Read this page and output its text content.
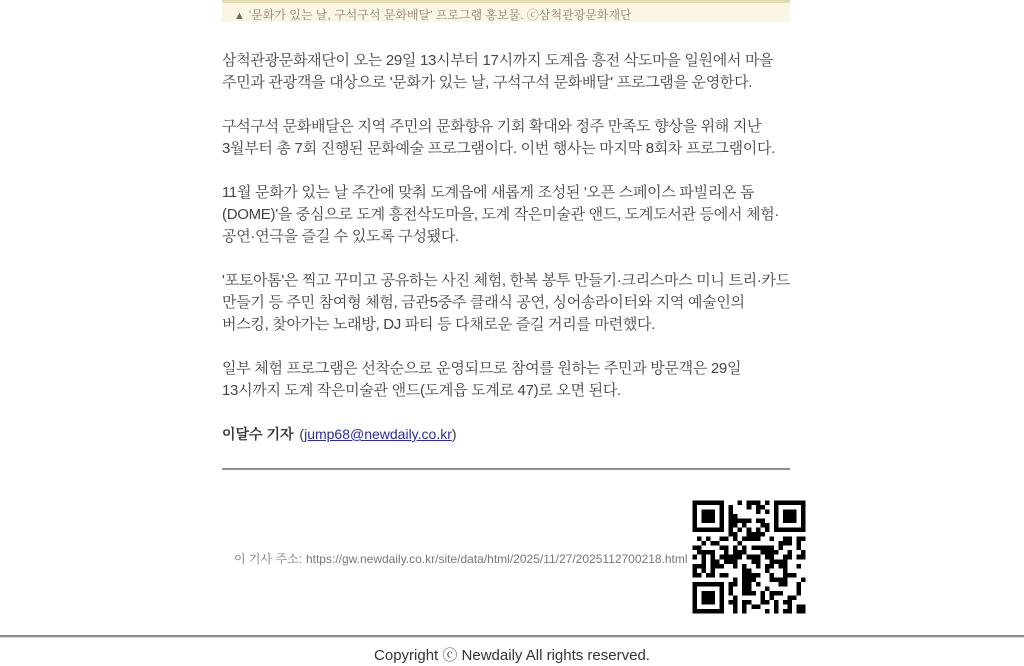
▲ '문화가 있는 날, 구석구석 문화배달' 프로그램 홍보물. ⓒ삼척관광문화재단

삼척관광문화재단이 오는 29일 13시부터 17시까지 도계읍 흥전 삭도마을 일원에서 마을 주민과 관광객을 대상으로 '문화가 있는 날, 구석구석 문화배달' 프로그램을 운영한다.

구석구석 문화배달은 지역 주민의 문화향유 기회 확대와 정주 만족도 향상을 위해 지난 3월부터 총 7회 진행된 문화예술 프로그램이다. 이번 행사는 마지막 8회차 프로그램이다.

11월 문화가 있는 날 주간에 맞춰 도계읍에 새롭게 조성된 '오픈 스페이스 파빌리온 돔(DOME)'을 중심으로 도계 흥전삭도마을, 도계 작은미술관 앤드, 도계도서관 등에서 체험·공연·연극을 즐길 수 있도록 구성됐다.

'포토아톰'은 찍고 꾸미고 공유하는 사진 체험, 한복 봉투 만들기·크리스마스 미니 트리·카드 만들기 등 주민 참여형 체험, 금관5중주 클래식 공연, 싱어송라이터와 지역 예술인의 버스킹, 찾아가는 노래방, DJ 파티 등 다채로운 즐길 거리를 마련했다.

일부 체험 프로그램은 선착순으로 운영되므로 참여를 원하는 주민과 방문객은 29일 13시까지 도계 작은미술관 앤드(도계읍 도계로 47)로 오면 된다.

이달수 기자 (jump68@newdaily.co.kr)
이 기사 주소: https://gw.newdaily.co.kr/site/data/html/2025/11/27/2025112700218.html
Copyright ⓒ Newdaily All rights reserved.
